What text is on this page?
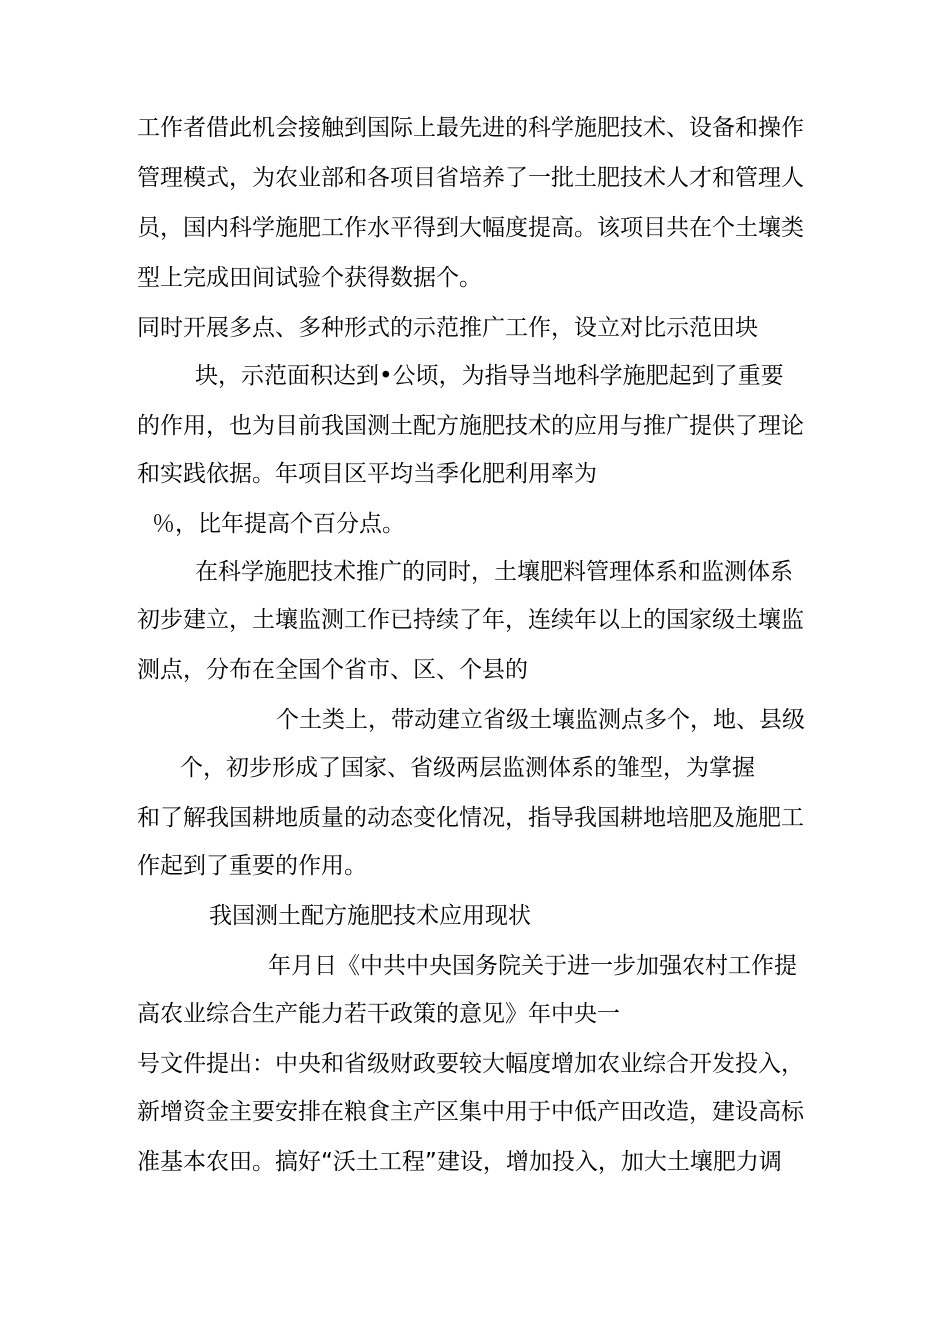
工作者借此机会接触到国际上最先进的科学施肥技术、设备和操作
管理模式，为农业部和各项目省培养了一批土肥技术人才和管理人
员，国内科学施肥工作水平得到大幅度提高。该项目共在个土壤类
型上完成田间试验个获得数据个。
同时开展多点、多种形式的示范推广工作，设立对比示范田块
块，示范面积达到•公顷，为指导当地科学施肥起到了重要
的作用，也为目前我国测土配方施肥技术的应用与推广提供了理论
和实践依据。年项目区平均当季化肥利用率为
％，比年提高个百分点。
在科学施肥技术推广的同时，土壤肥料管理体系和监测体系
初步建立，土壤监测工作已持续了年，连续年以上的国家级土壤监
测点，分布在全国个省市、区、个县的
个土类上，带动建立省级土壤监测点多个，地、县级
个，初步形成了国家、省级两层监测体系的雏型，为掌握
和了解我国耕地质量的动态变化情况，指导我国耕地培肥及施肥工
作起到了重要的作用。
我国测土配方施肥技术应用现状
年月日《中共中央国务院关于进一步加强农村工作提
高农业综合生产能力若干政策的意见》年中央一
号文件提出：中央和省级财政要较大幅度增加农业综合开发投入，
新增资金主要安排在粮食主产区集中用于中低产田改造，建设高标
准基本农田。搞好“沃土工程”建设，增加投入，加大土壤肥力调
